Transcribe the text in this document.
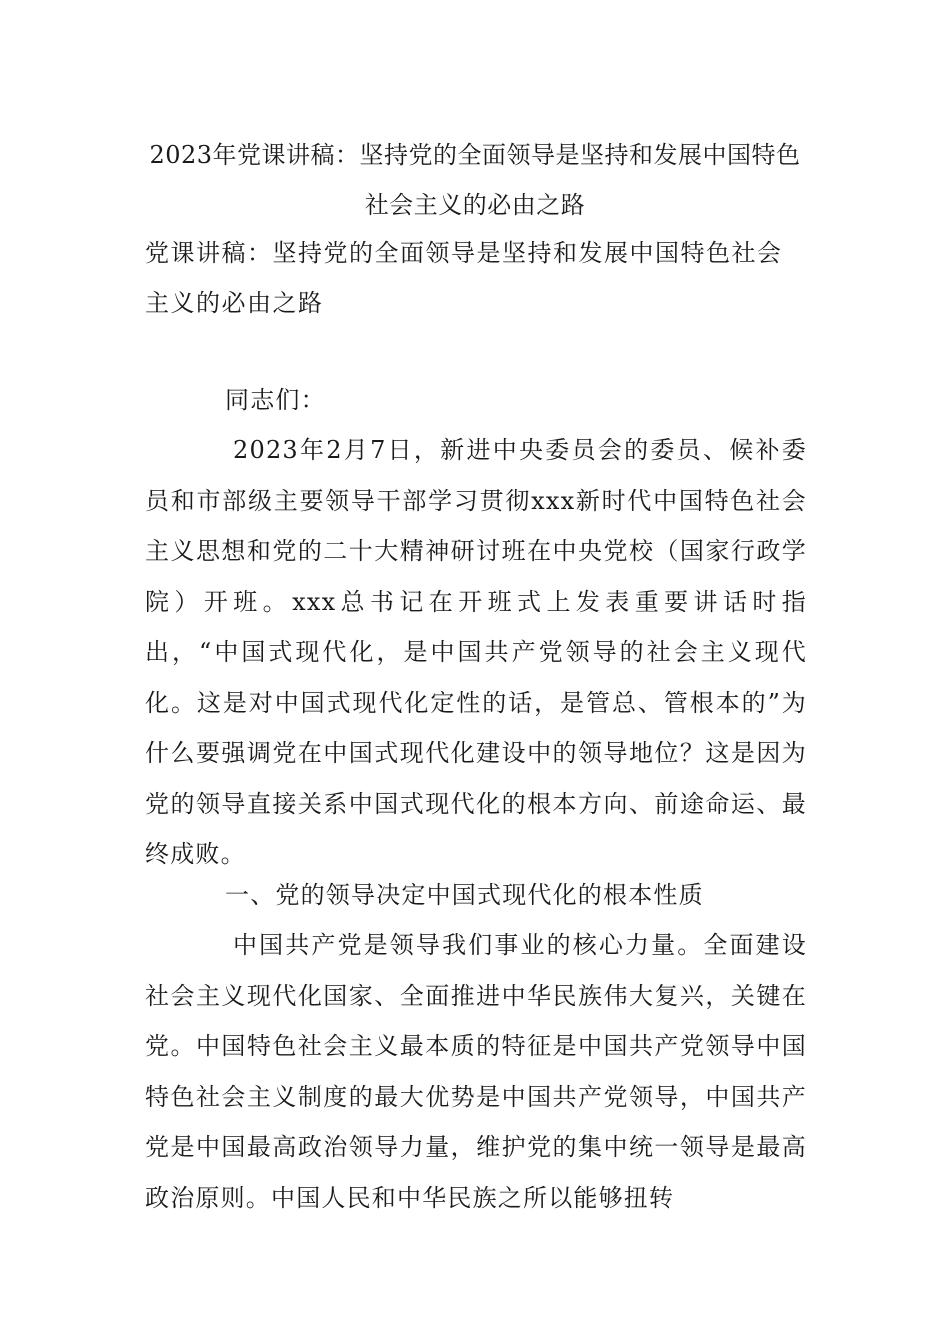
2023年党课讲稿：坚持党的全面领导是坚持和发展中国特色社会主义的必由之路

党课讲稿：坚持党的全面领导是坚持和发展中国特色社会主义的必由之路

同志们：

2023年2月7日，新进中央委员会的委员、候补委员和市部级主要领导干部学习贯彻xxx新时代中国特色社会主义思想和党的二十大精神研讨班在中央党校（国家行政学院）开班。xxx总书记在开班式上发表重要讲话时指出，“中国式现代化，是中国共产党领导的社会主义现代化。这是对中国式现代化定性的话，是管总、管根本的”为什么要强调党在中国式现代化建设中的领导地位？这是因为党的领导直接关系中国式现代化的根本方向、前途命运、最终成败。

一、党的领导决定中国式现代化的根本性质

中国共产党是领导我们事业的核心力量。全面建设社会主义现代化国家、全面推进中华民族伟大复兴，关键在党。中国特色社会主义最本质的特征是中国共产党领导中国特色社会主义制度的最大优势是中国共产党领导，中国共产党是中国最高政治领导力量，维护党的集中统一领导是最高政治原则。中国人民和中华民族之所以能够扭转
